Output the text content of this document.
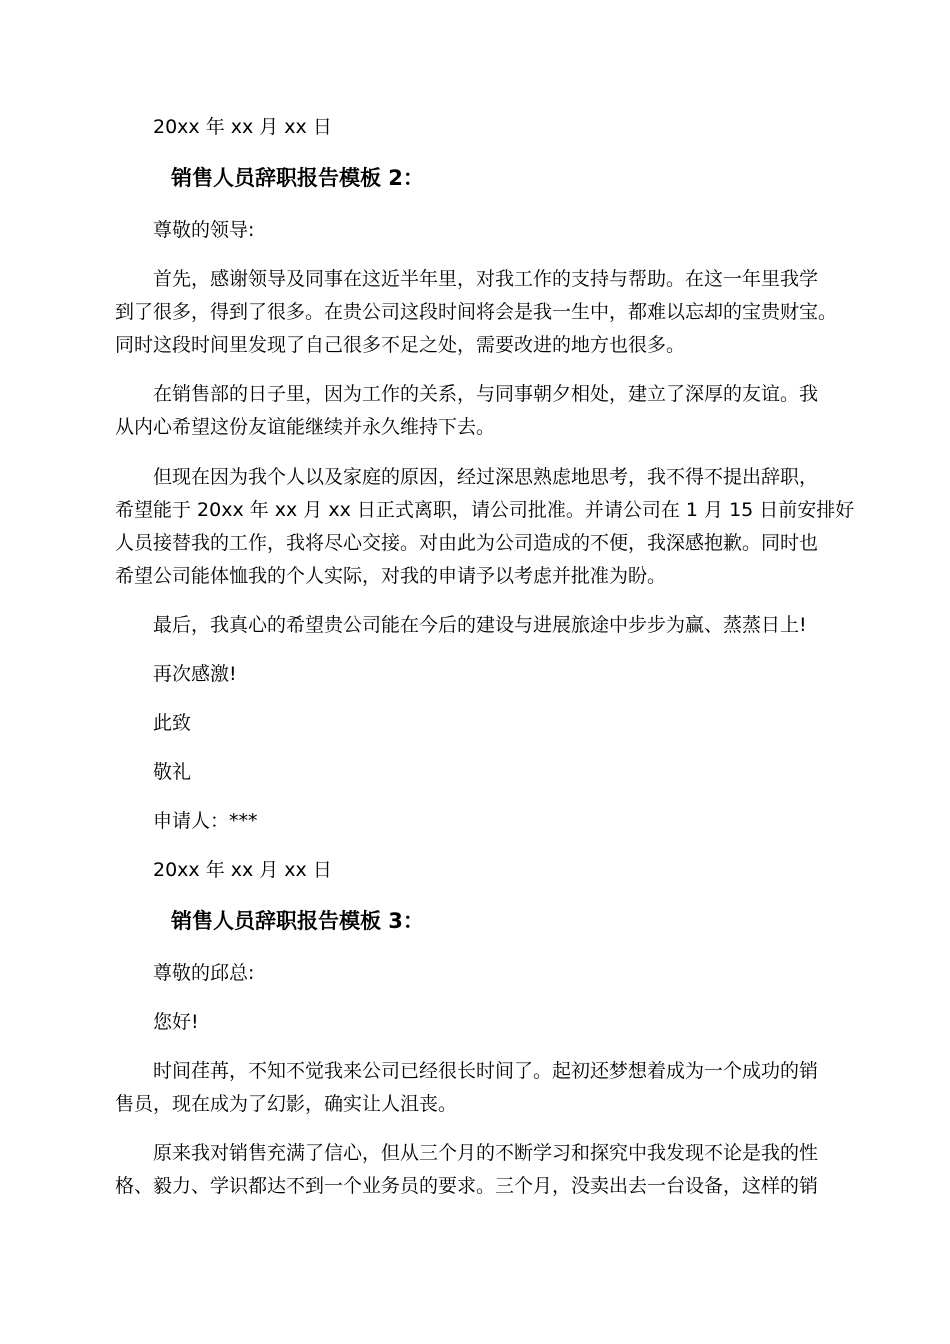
20xx 年 xx 月 xx 日
销售人员辞职报告模板 2：
尊敬的领导:
首先，感谢领导及同事在这近半年里，对我工作的支持与帮助。在这一年里我学
到了很多，得到了很多。在贵公司这段时间将会是我一生中，都难以忘却的宝贵财宝。
同时这段时间里发现了自己很多不足之处，需要改进的地方也很多。
在销售部的日子里，因为工作的关系，与同事朝夕相处，建立了深厚的友谊。我
从内心希望这份友谊能继续并永久维持下去。
但现在因为我个人以及家庭的原因，经过深思熟虑地思考，我不得不提出辞职，
希望能于 20xx 年 xx 月 xx 日正式离职，请公司批准。并请公司在 1 月 15 日前安排好
人员接替我的工作，我将尽心交接。对由此为公司造成的不便，我深感抱歉。同时也
希望公司能体恤我的个人实际，对我的申请予以考虑并批准为盼。
最后，我真心的希望贵公司能在今后的建设与进展旅途中步步为赢、蒸蒸日上!
再次感激!
此致
敬礼
申请人：***
20xx 年 xx 月 xx 日
销售人员辞职报告模板 3：
尊敬的邱总:
您好!
时间荏苒，不知不觉我来公司已经很长时间了。起初还梦想着成为一个成功的销
售员，现在成为了幻影，确实让人沮丧。
原来我对销售充满了信心，但从三个月的不断学习和探究中我发现不论是我的性
格、毅力、学识都达不到一个业务员的要求。三个月，没卖出去一台设备，这样的销
